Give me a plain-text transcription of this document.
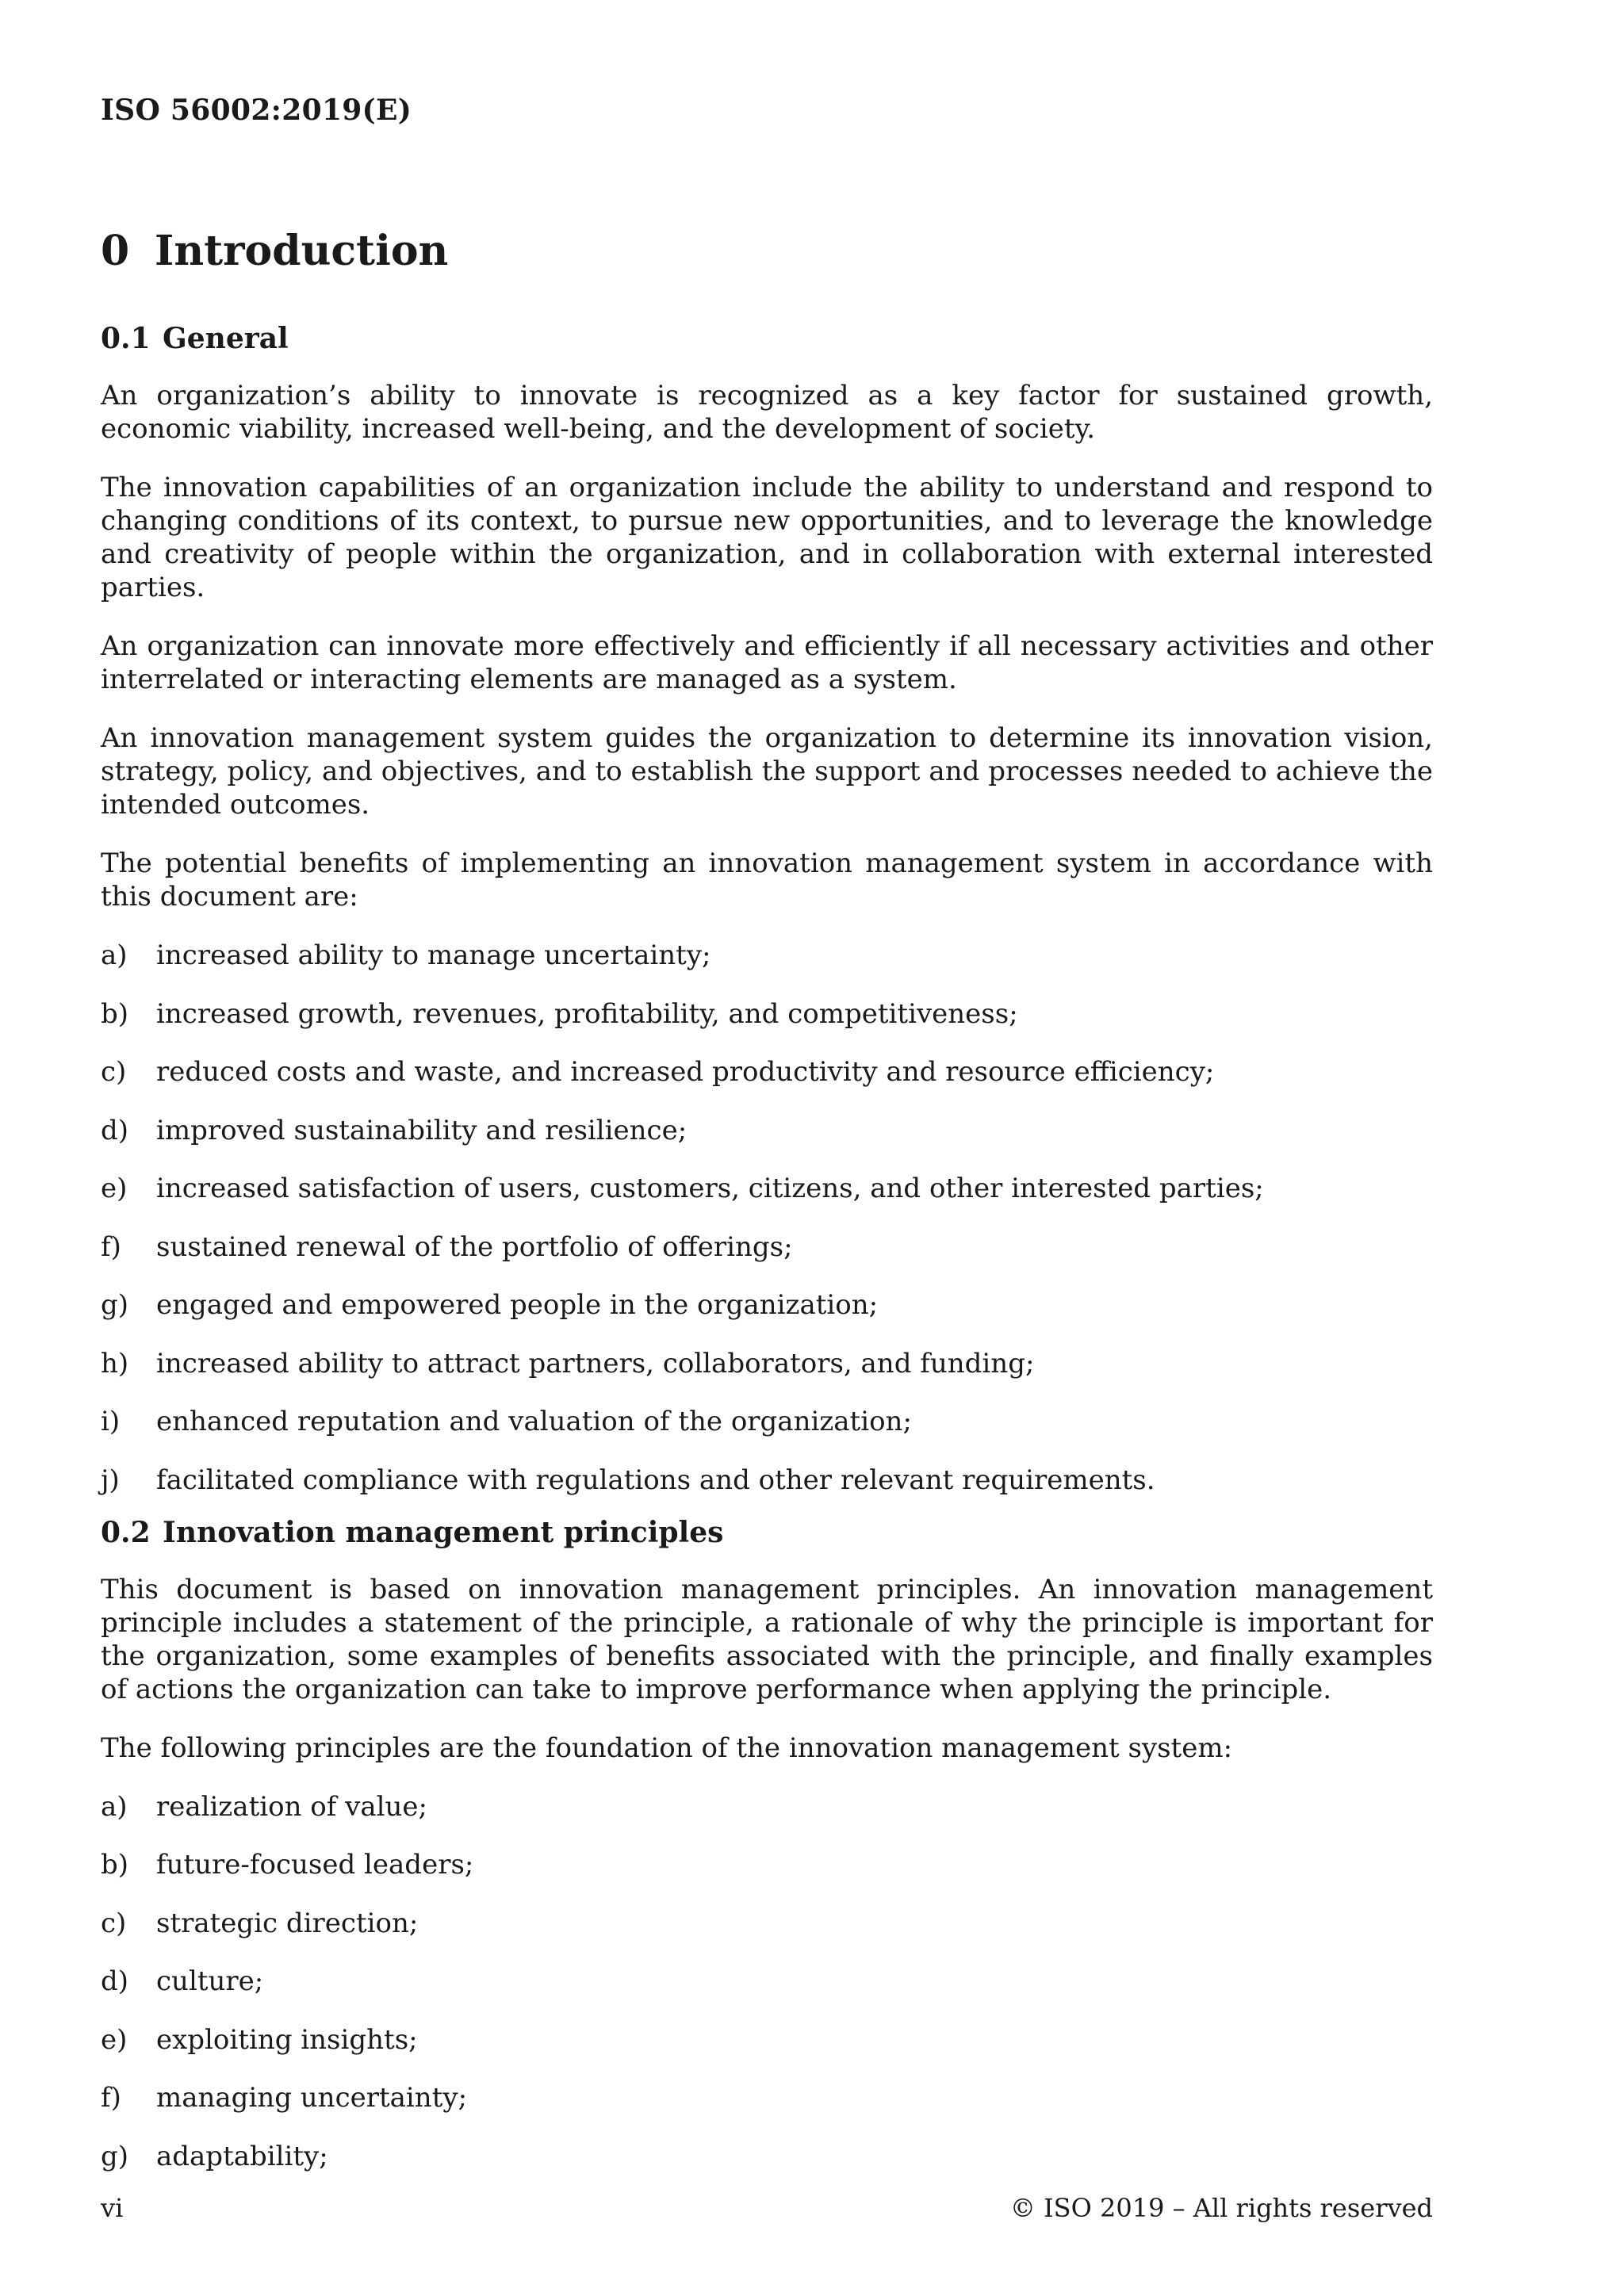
ISO 56002:2019(E)
0 Introduction
0.1 General

An organization’s ability to innovate is recognized as a key factor for sustained growth, economic viability, increased well-being, and the development of society.

The innovation capabilities of an organization include the ability to understand and respond to changing conditions of its context, to pursue new opportunities, and to leverage the knowledge and creativity of people within the organization, and in collaboration with external interested parties.

An organization can innovate more effectively and efficiently if all necessary activities and other interrelated or interacting elements are managed as a system.

An innovation management system guides the organization to determine its innovation vision, strategy, policy, and objectives, and to establish the support and processes needed to achieve the intended outcomes.

The potential benefits of implementing an innovation management system in accordance with this document are:

a)	increased ability to manage uncertainty;
b)	increased growth, revenues, profitability, and competitiveness;
c)	reduced costs and waste, and increased productivity and resource efficiency;
d)	improved sustainability and resilience;
e)	increased satisfaction of users, customers, citizens, and other interested parties;
f)	sustained renewal of the portfolio of offerings;
g)	engaged and empowered people in the organization;
h)	increased ability to attract partners, collaborators, and funding;
i)	enhanced reputation and valuation of the organization;
j)	facilitated compliance with regulations and other relevant requirements.
0.2 Innovation management principles

This document is based on innovation management principles. An innovation management principle includes a statement of the principle, a rationale of why the principle is important for the organization, some examples of benefits associated with the principle, and finally examples of actions the organization can take to improve performance when applying the principle.

The following principles are the foundation of the innovation management system:

a)	realization of value;
b)	future-focused leaders;
c)	strategic direction;
d)	culture;
e)	exploiting insights;
f)	managing uncertainty;
g)	adaptability;
vi	© ISO 2019 – All rights reserved
